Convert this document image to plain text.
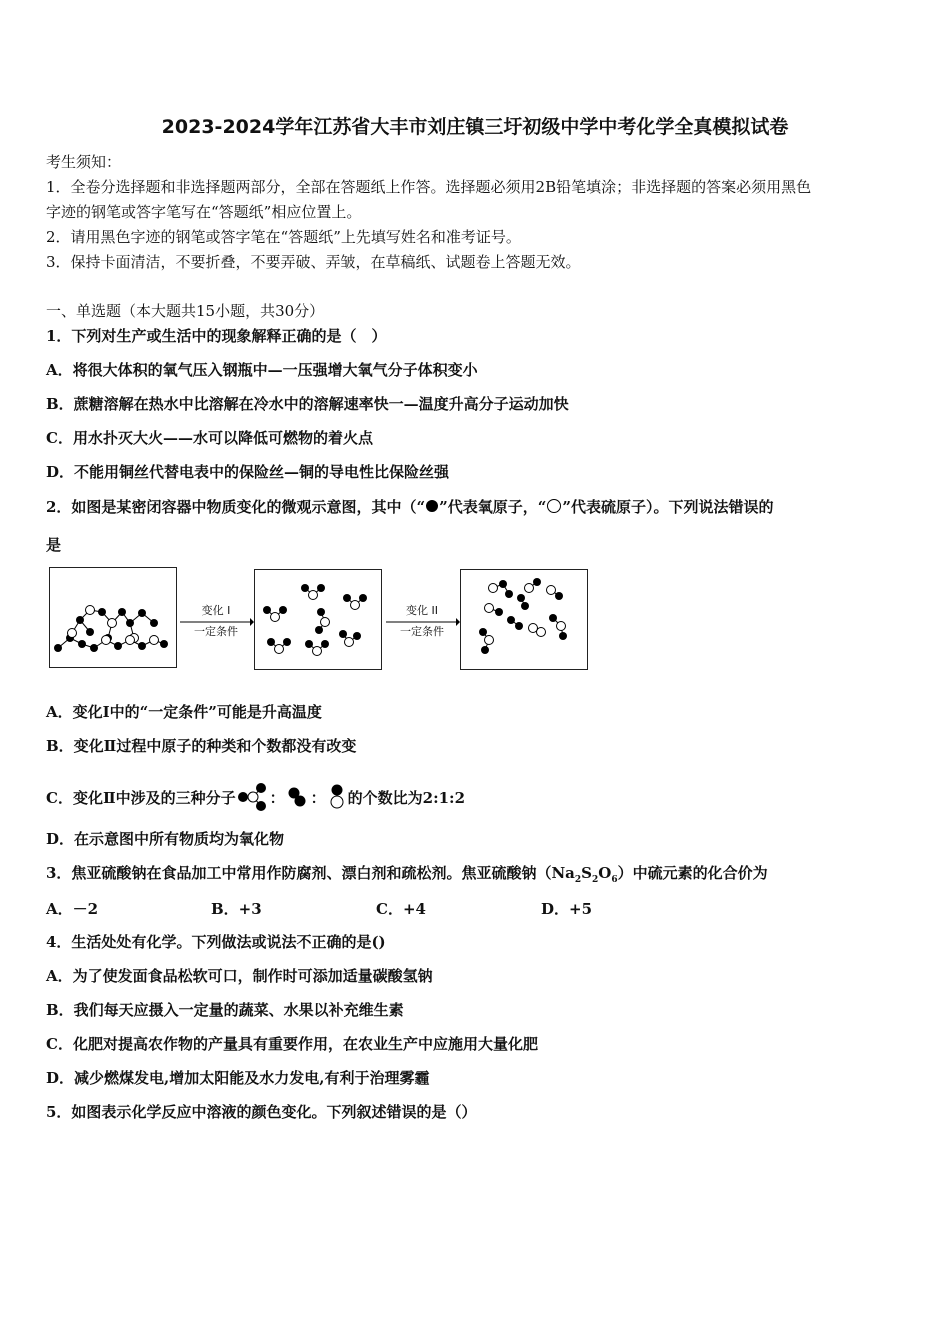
2023-2024学年江苏省大丰市刘庄镇三圩初级中学中考化学全真模拟试卷
考生须知：
1．全卷分选择题和非选择题两部分，全部在答题纸上作答。选择题必须用2B铅笔填涂；非选择题的答案必须用黑色
字迹的钢笔或答字笔写在“答题纸”相应位置上。
2．请用黑色字迹的钢笔或答字笔在“答题纸”上先填写姓名和准考证号。
3．保持卡面清洁，不要折叠，不要弄破、弄皱，在草稿纸、试题卷上答题无效。
一、单选题（本大题共15小题，共30分）
1．下列对生产或生活中的现象解释正确的是（　）
A．将很大体积的氧气压入钢瓶中—一压强增大氧气分子体积变小
B．蔗糖溶解在热水中比溶解在冷水中的溶解速率快一—温度升高分子运动加快
C．用水扑灭大火——水可以降低可燃物的着火点
D．不能用铜丝代替电表中的保险丝—铜的导电性比保险丝强
2．如图是某密闭容器中物质变化的微观示意图，其中（“ ”代表氧原子，“ ”代表硫原子）。下列说法错误的
是
变化 I
一定条件
变化 II
一定条件
A．变化I中的“一定条件”可能是升高温度
B．变化Ⅱ过程中原子的种类和个数都没有改变
C．变化Ⅱ中涉及的三种分子 ： ： 的个数比为2:1:2
D．在示意图中所有物质均为氧化物
3．焦亚硫酸钠在食品加工中常用作防腐剂、漂白剂和疏松剂。焦亚硫酸钠$(Na_2S_2O_6)$中硫元素的化合价为
A．－2	B．+3	C．+4	D．+5
4．生活处处有化学。下列做法或说法不正确的是()
A．为了使发面食品松软可口，制作时可添加适量碳酸氢钠
B．我们每天应摄入一定量的蔬菜、水果以补充维生素
C．化肥对提高农作物的产量具有重要作用，在农业生产中应施用大量化肥
D．减少燃煤发电,增加太阳能及水力发电,有利于治理雾霾
5．如图表示化学反应中溶液的颜色变化。下列叙述错误的是（）
